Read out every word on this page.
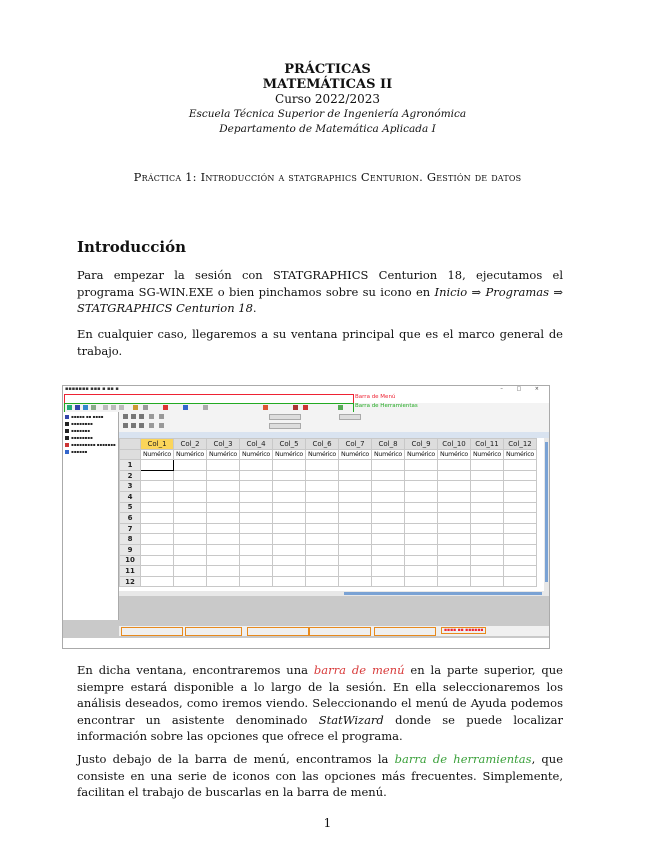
PRÁCTICAS
MATEMÁTICAS II
Curso 2022/2023
Escuela Técnica Superior de Ingeniería Agronómica
Departamento de Matemática Aplicada I
Práctica 1: Introducción a statgraphics Centurion. Gestión de datos
Introducción

Para empezar la sesión con STATGRAPHICS Centurion 18, ejecutamos el programa SG-WIN.EXE o bien pinchamos sobre su icono en Inicio ⇒ Programas ⇒ STATGRAPHICS Centurion 18.

En cualquier caso, llegaremos a su ventana principal que es el marco general de trabajo.

▪▪▪▪▪▪▪ ▪▪▪ ▪ ▪▪ ▪	– □ ×
Barra de Menú
Barra de Herramientas
▪▪▪▪▪ ▪▪ ▪▪▪▪
▪▪▪▪▪▪▪▪
▪▪▪▪▪▪▪
▪▪▪▪▪▪▪▪
▪▪▪▪▪▪▪▪▪ ▪▪▪▪▪▪▪
▪▪▪▪▪▪
	Col_1	Col_2	Col_3	Col_4	Col_5	Col_6	Col_7	Col_8	Col_9	Col_10	Col_11	Col_12
	Numérico	Numérico	Numérico	Numérico	Numérico	Numérico	Numérico	Numérico	Numérico	Numérico	Numérico	Numérico
1												
2												
3												
4												
5												
6												
7												
8												
9												
10												
11												
12												
▪▪▪▪ ▪▪ ▪▪▪▪▪▪

En dicha ventana, encontraremos una barra de menú en la parte superior, que siempre estará disponible a lo largo de la sesión. En ella seleccionaremos los análisis deseados, como iremos viendo. Seleccionando el menú de Ayuda podemos encontrar un asistente denominado StatWizard donde se puede localizar información sobre las opciones que ofrece el programa.

Justo debajo de la barra de menú, encontramos la barra de herramientas, que consiste en una serie de iconos con las opciones más frecuentes. Simplemente, facilitan el trabajo de buscarlas en la barra de menú.

1
